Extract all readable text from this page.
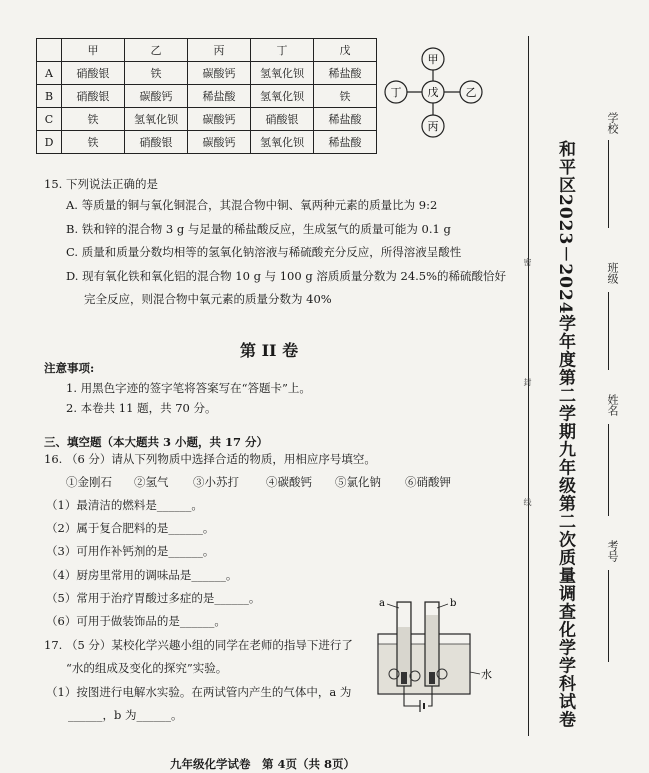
	甲	乙	丙	丁	戊
A	硝酸银	铁	碳酸钙	氢氧化钡	稀盐酸
B	硝酸银	碳酸钙	稀盐酸	氢氧化钡	铁
C	铁	氢氧化钡	碳酸钙	硝酸银	稀盐酸
D	铁	硝酸银	碳酸钙	氢氧化钡	稀盐酸
甲
戊
丁	乙
丙
15. 下列说法正确的是
A. 等质量的铜与氧化铜混合，其混合物中铜、氧两种元素的质量比为 9:2
B. 铁和锌的混合物 3 g 与足量的稀盐酸反应，生成氢气的质量可能为 0.1 g
C. 质量和质量分数均相等的氢氧化钠溶液与稀硫酸充分反应，所得溶液呈酸性
D. 现有氧化铁和氧化铝的混合物 10 g 与 100 g 溶质质量分数为 24.5%的稀硫酸恰好
完全反应，则混合物中氧元素的质量分数为 40%
第 II 卷
注意事项:
1. 用黑色字迹的签字笔将答案写在“答题卡”上。
2. 本卷共 11 题，共 70 分。
三、填空题（本大题共 3 小题，共 17 分）
16. （6 分）请从下列物质中选择合适的物质，用相应序号填空。
①金刚石 ②氢气 ③小苏打 ④碳酸钙 ⑤氯化钠 ⑥硝酸钾
（1）最清洁的燃料是______。
（2）属于复合肥料的是______。
（3）可用作补钙剂的是______。
（4）厨房里常用的调味品是______。
（5）常用于治疗胃酸过多症的是______。
（6）可用于做装饰品的是______。
17. （5 分）某校化学兴趣小组的同学在老师的指导下进行了
“水的组成及变化的探究”实验。
（1）按图进行电解水实验。在两试管内产生的气体中，a 为
______，b 为______。
a	b
水
九年级化学试卷　第 4页（共 8页）
密
封
线 和平区2023－2024学年度第二学期九年级第二次质量调查化学学科试卷
学校
班级
姓名
考号
